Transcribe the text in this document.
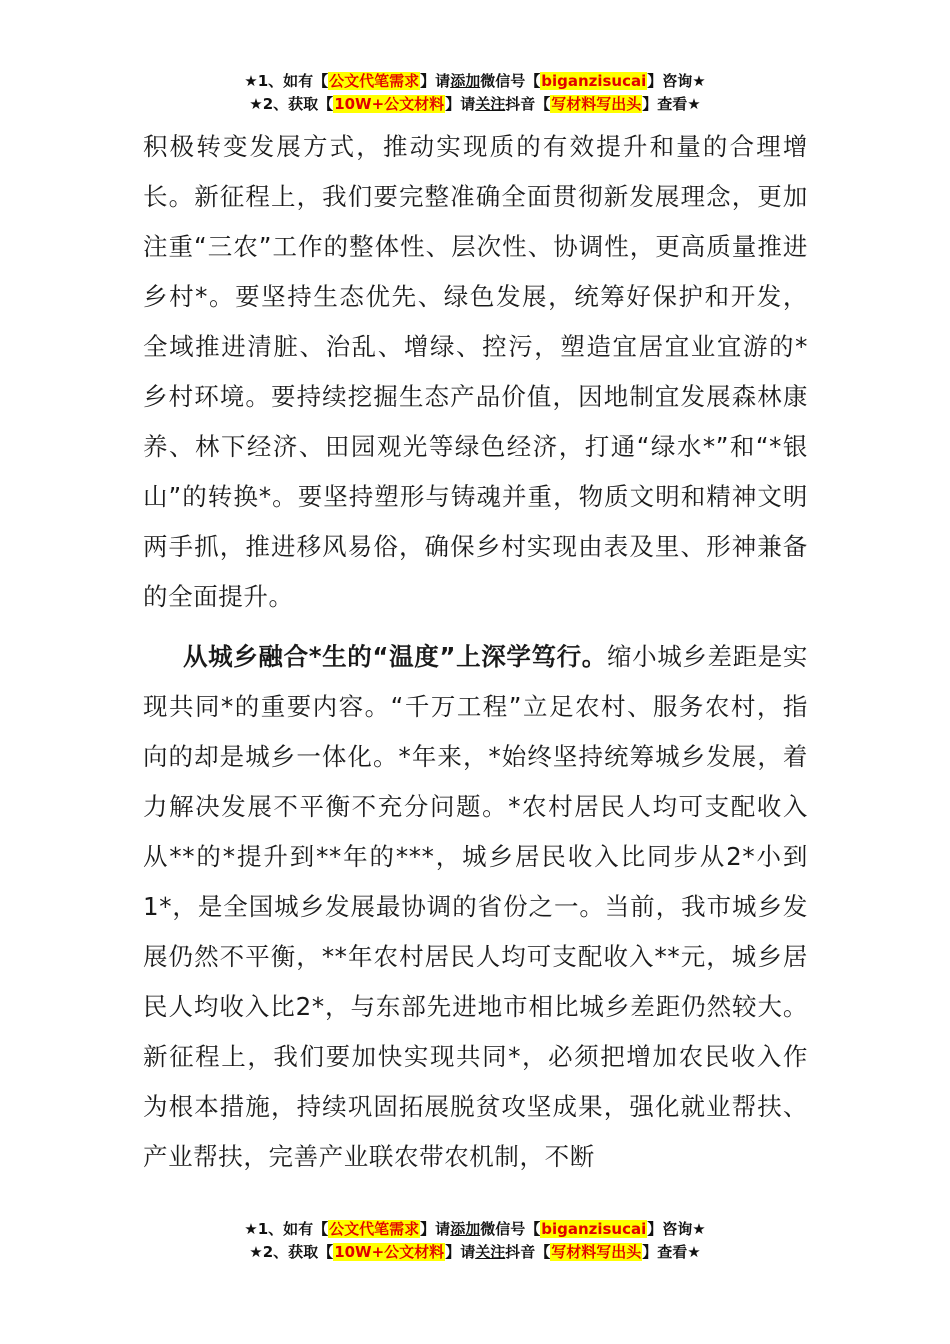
★1、如有【公文代笔需求】请添加微信号【biganzisucai】咨询★
★2、获取【10W+公文材料】请关注抖音【写材料写出头】查看★

积极转变发展方式，推动实现质的有效提升和量的合理增长。新征程上，我们要完整准确全面贯彻新发展理念，更加注重“三农”工作的整体性、层次性、协调性，更高质量推进乡村*。要坚持生态优先、绿色发展，统筹好保护和开发，全域推进清脏、治乱、增绿、控污，塑造宜居宜业宜游的*乡村环境。要持续挖掘生态产品价值，因地制宜发展森林康养、林下经济、田园观光等绿色经济，打通“绿水*”和“*银山”的转换*。要坚持塑形与铸魂并重，物质文明和精神文明两手抓，推进移风易俗，确保乡村实现由表及里、形神兼备的全面提升。

从城乡融合*生的“温度”上深学笃行。缩小城乡差距是实现共同*的重要内容。“千万工程”立足农村、服务农村，指向的却是城乡一体化。*年来，*始终坚持统筹城乡发展，着力解决发展不平衡不充分问题。*农村居民人均可支配收入从**的*提升到**年的***，城乡居民收入比同步从2*小到1*，是全国城乡发展最协调的省份之一。当前，我市城乡发展仍然不平衡，**年农村居民人均可支配收入**元，城乡居民人均收入比2*，与东部先进地市相比城乡差距仍然较大。新征程上，我们要加快实现共同*，必须把增加农民收入作为根本措施，持续巩固拓展脱贫攻坚成果，强化就业帮扶、产业帮扶，完善产业联农带农机制，不断

★1、如有【公文代笔需求】请添加微信号【biganzisucai】咨询★
★2、获取【10W+公文材料】请关注抖音【写材料写出头】查看★
